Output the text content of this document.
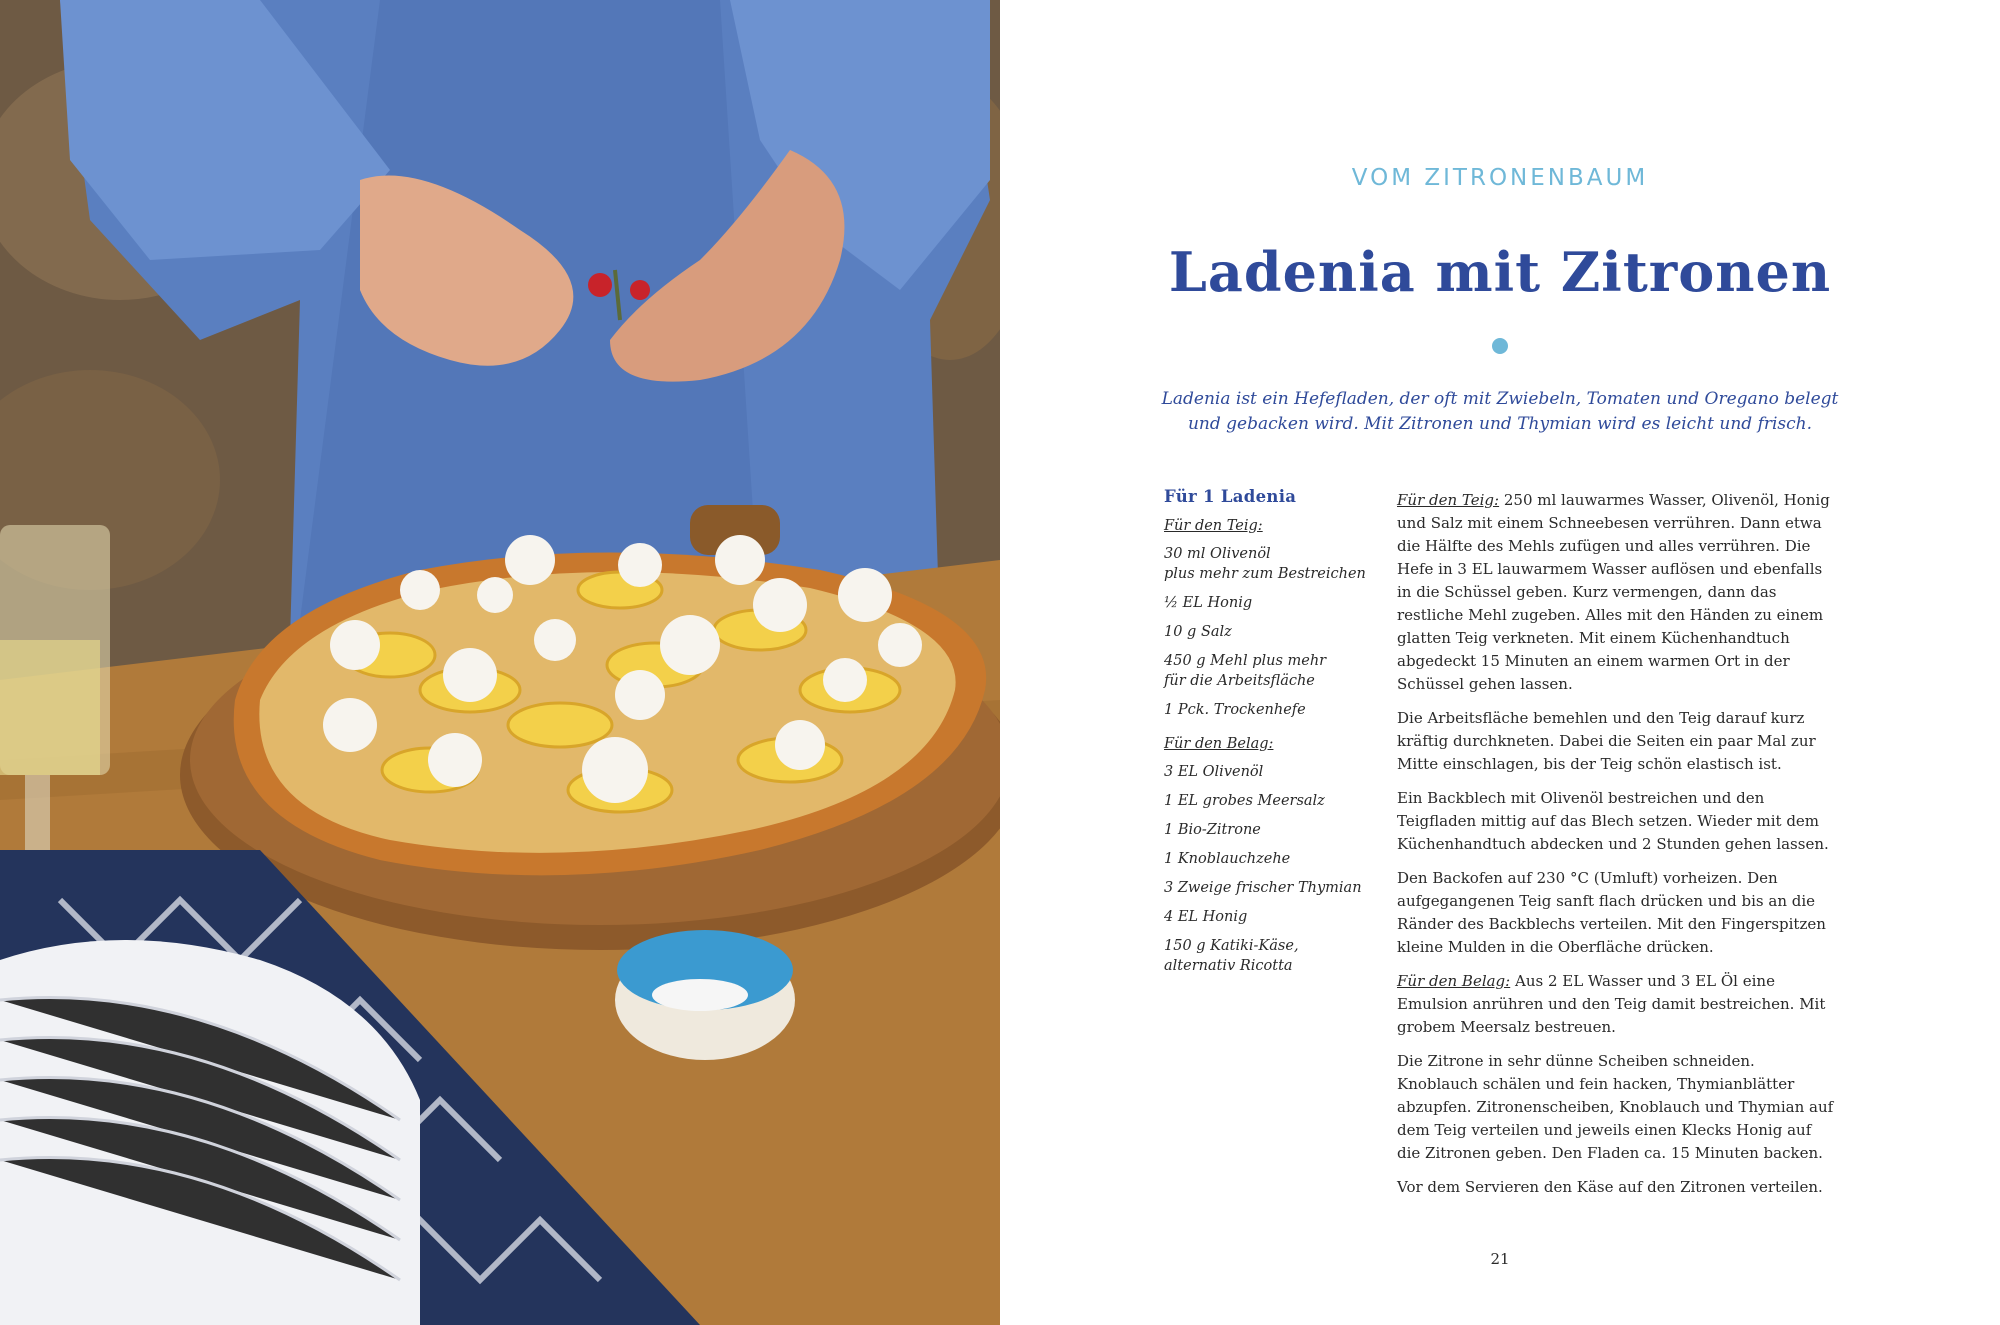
VOM ZITRONENBAUM
Ladenia mit Zitronen
Ladenia ist ein Hefefladen, der oft mit Zwiebeln, Tomaten und Oregano belegt und gebacken wird. Mit Zitronen und Thymian wird es leicht und frisch.
Für 1 Ladenia
Für den Teig:
30 ml Olivenöl
plus mehr zum Bestreichen
½ EL Honig
10 g Salz
450 g Mehl plus mehr
für die Arbeitsfläche
1 Pck. Trockenhefe
Für den Belag:
3 EL Olivenöl
1 EL grobes Meersalz
1 Bio-Zitrone
1 Knoblauchzehe
3 Zweige frischer Thymian
4 EL Honig
150 g Katiki-Käse,
alternativ Ricotta

Für den Teig: 250 ml lauwarmes Wasser, Olivenöl, Honig und Salz mit einem Schneebesen verrühren. Dann etwa die Hälfte des Mehls zufügen und alles verrühren. Die Hefe in 3 EL lauwarmem Wasser auflösen und ebenfalls in die Schüssel geben. Kurz vermengen, dann das restliche Mehl zugeben. Alles mit den Händen zu einem glatten Teig verkneten. Mit einem Küchenhandtuch abgedeckt 15 Minuten an einem warmen Ort in der Schüssel gehen lassen.

Die Arbeitsfläche bemehlen und den Teig darauf kurz kräftig durchkneten. Dabei die Seiten ein paar Mal zur Mitte einschlagen, bis der Teig schön elastisch ist.

Ein Backblech mit Olivenöl bestreichen und den Teigfladen mittig auf das Blech setzen. Wieder mit dem Küchenhandtuch abdecken und 2 Stunden gehen lassen.

Den Backofen auf 230 °C (Umluft) vorheizen. Den aufgegangenen Teig sanft flach drücken und bis an die Ränder des Backblechs verteilen. Mit den Fingerspitzen kleine Mulden in die Oberfläche drücken.

Für den Belag: Aus 2 EL Wasser und 3 EL Öl eine Emulsion anrühren und den Teig damit bestreichen. Mit grobem Meersalz bestreuen.

Die Zitrone in sehr dünne Scheiben schneiden. Knoblauch schälen und fein hacken, Thymianblätter abzupfen. Zitronenscheiben, Knoblauch und Thymian auf dem Teig verteilen und jeweils einen Klecks Honig auf die Zitronen geben. Den Fladen ca. 15 Minuten backen.

Vor dem Servieren den Käse auf den Zitronen verteilen.

21
